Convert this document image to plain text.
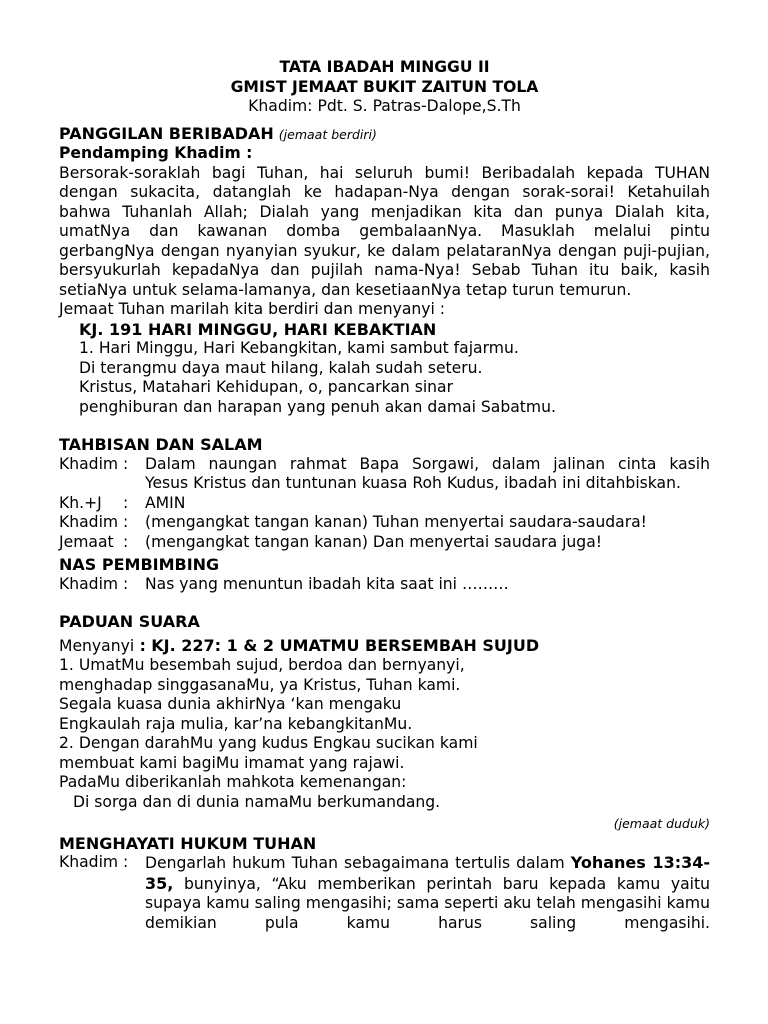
TATA IBADAH MINGGU II
GMIST JEMAAT BUKIT ZAITUN TOLA
Khadim: Pdt. S. Patras-Dalope,S.Th
PANGGILAN BERIBADAH (jemaat berdiri)
Pendamping Khadim :

Bersorak-soraklah bagi Tuhan, hai seluruh bumi! Beribadalah kepada TUHAN dengan sukacita, datanglah ke hadapan-Nya dengan sorak-sorai! Ketahuilah bahwa Tuhanlah Allah; Dialah yang menjadikan kita dan punya Dialah kita, umatNya dan kawanan domba gembalaanNya. Masuklah melalui pintu gerbangNya dengan nyanyian syukur, ke dalam pelataranNya dengan puji-pujian, bersyukurlah kepadaNya dan pujilah nama-Nya! Sebab Tuhan itu baik, kasih setiaNya untuk selama-lamanya, dan kesetiaanNya tetap turun temurun.

Jemaat Tuhan marilah kita berdiri dan menyanyi :
KJ. 191 HARI MINGGU, HARI KEBAKTIAN
1. Hari Minggu, Hari Kebangkitan, kami sambut fajarmu.
Di terangmu daya maut hilang, kalah sudah seteru.
Kristus, Matahari Kehidupan, o, pancarkan sinar
penghiburan dan harapan yang penuh akan damai Sabatmu.
TAHBISAN DAN SALAM
Khadim :	Dalam naungan rahmat Bapa Sorgawi, dalam jalinan cinta kasih
Yesus Kristus dan tuntunan kuasa Roh Kudus, ibadah ini ditahbiskan.
Kh.+J	:	AMIN
Khadim :	(mengangkat tangan kanan) Tuhan menyertai saudara-saudara!
Jemaat :	(mengangkat tangan kanan) Dan menyertai saudara juga!
NAS PEMBIMBING
Khadim :	Nas yang menuntun ibadah kita saat ini ………
PADUAN SUARA
Menyanyi : KJ. 227: 1 & 2 UMATMU BERSEMBAH SUJUD
1. UmatMu besembah sujud, berdoa dan bernyanyi,
menghadap singgasanaMu, ya Kristus, Tuhan kami.
Segala kuasa dunia akhirNya ‘kan mengaku
Engkaulah raja mulia, kar’na kebangkitanMu.
2. Dengan darahMu yang kudus Engkau sucikan kami
membuat kami bagiMu imamat yang rajawi.
PadaMu diberikanlah mahkota kemenangan:
Di sorga dan di dunia namaMu berkumandang.
(jemaat duduk)
MENGHAYATI HUKUM TUHAN
Khadim :	Dengarlah hukum Tuhan sebagaimana tertulis dalam Yohanes 13:34-35, bunyinya, “Aku memberikan perintah baru kepada kamu yaitu supaya kamu saling mengasihi; sama seperti aku telah mengasihi kamu demikian pula kamu harus saling mengasihi.
